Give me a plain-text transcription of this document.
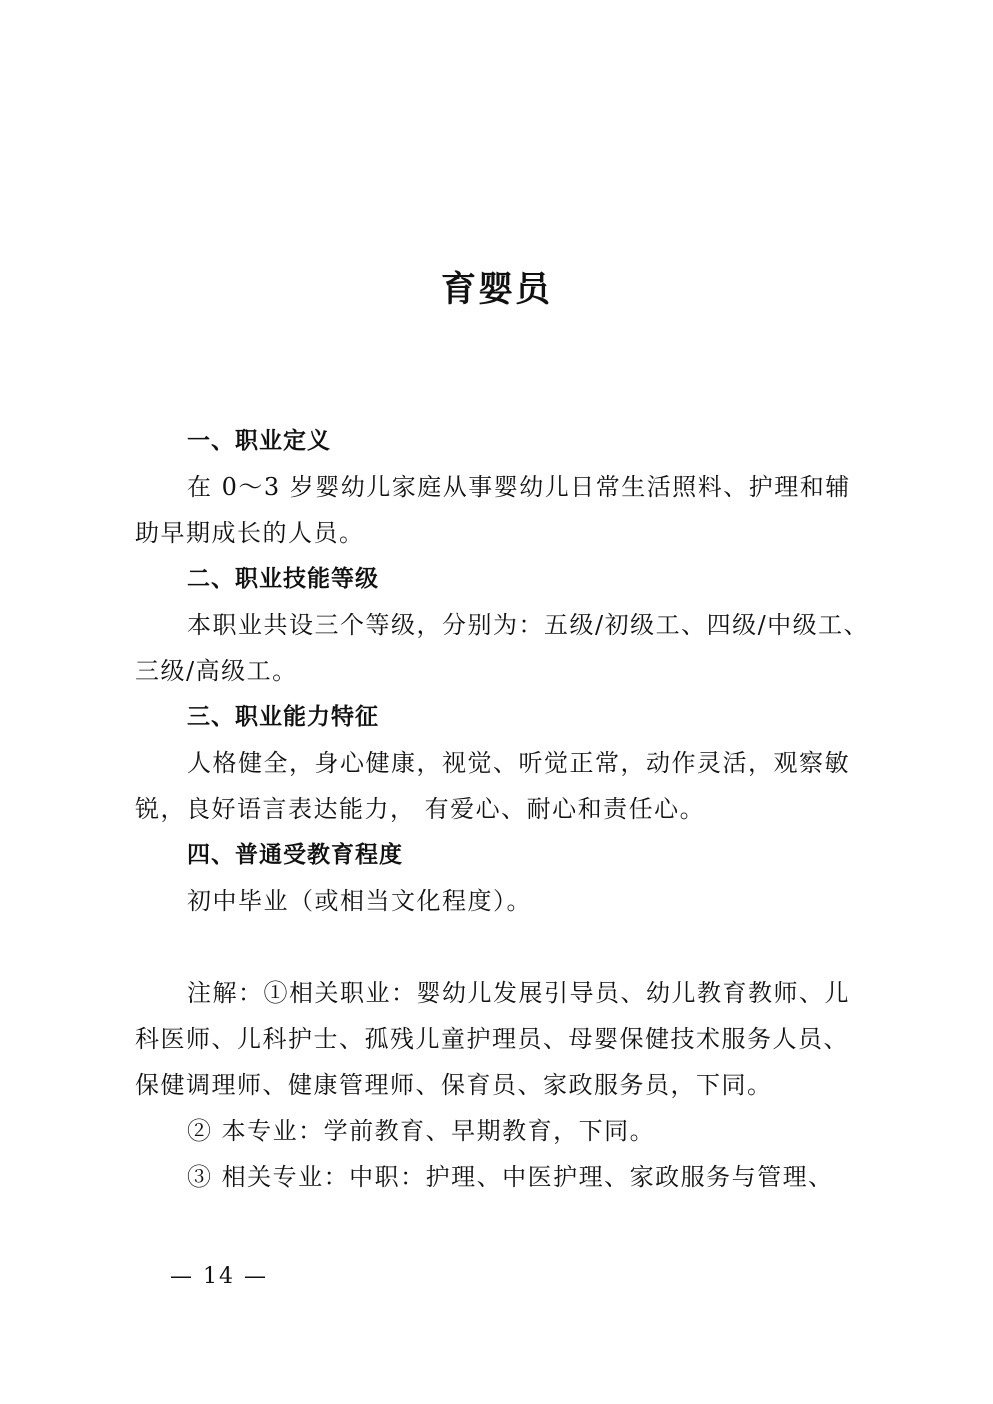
育婴员

一、职业定义

在 0～3 岁婴幼儿家庭从事婴幼儿日常生活照料、护理和辅

助早期成长的人员。

二、职业技能等级

本职业共设三个等级，分别为：五级/初级工、四级/中级工、

三级/高级工。

三、职业能力特征

人格健全，身心健康，视觉、听觉正常，动作灵活，观察敏

锐，良好语言表达能力， 有爱心、耐心和责任心。

四、普通受教育程度

初中毕业（或相当文化程度）。

注解：①相关职业：婴幼儿发展引导员、幼儿教育教师、儿

科医师、儿科护士、孤残儿童护理员、母婴保健技术服务人员、

保健调理师、健康管理师、保育员、家政服务员，下同。

② 本专业：学前教育、早期教育，下同。

③ 相关专业：中职：护理、中医护理、家政服务与管理、

— 14 —
